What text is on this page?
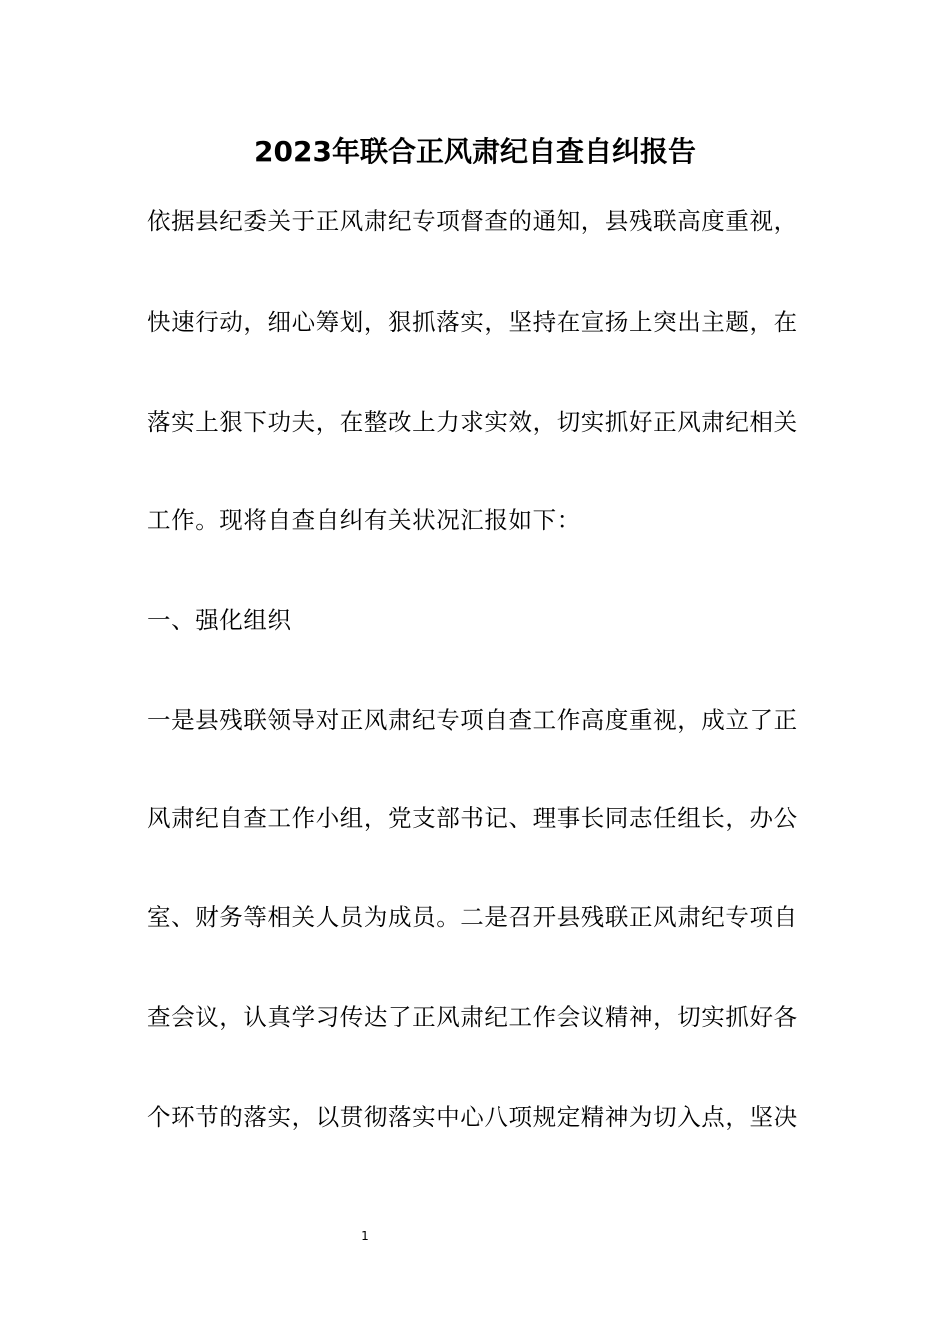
2023年联合正风肃纪自查自纠报告
依据县纪委关于正风肃纪专项督查的通知，县残联高度重视，
快速行动，细心筹划，狠抓落实，坚持在宣扬上突出主题，在
落实上狠下功夫，在整改上力求实效，切实抓好正风肃纪相关
工作。现将自查自纠有关状况汇报如下：
一、强化组织
一是县残联领导对正风肃纪专项自查工作高度重视，成立了正
风肃纪自查工作小组，党支部书记、理事长同志任组长，办公
室、财务等相关人员为成员。二是召开县残联正风肃纪专项自
查会议，认真学习传达了正风肃纪工作会议精神，切实抓好各
个环节的落实，以贯彻落实中心八项规定精神为切入点，坚决
1
